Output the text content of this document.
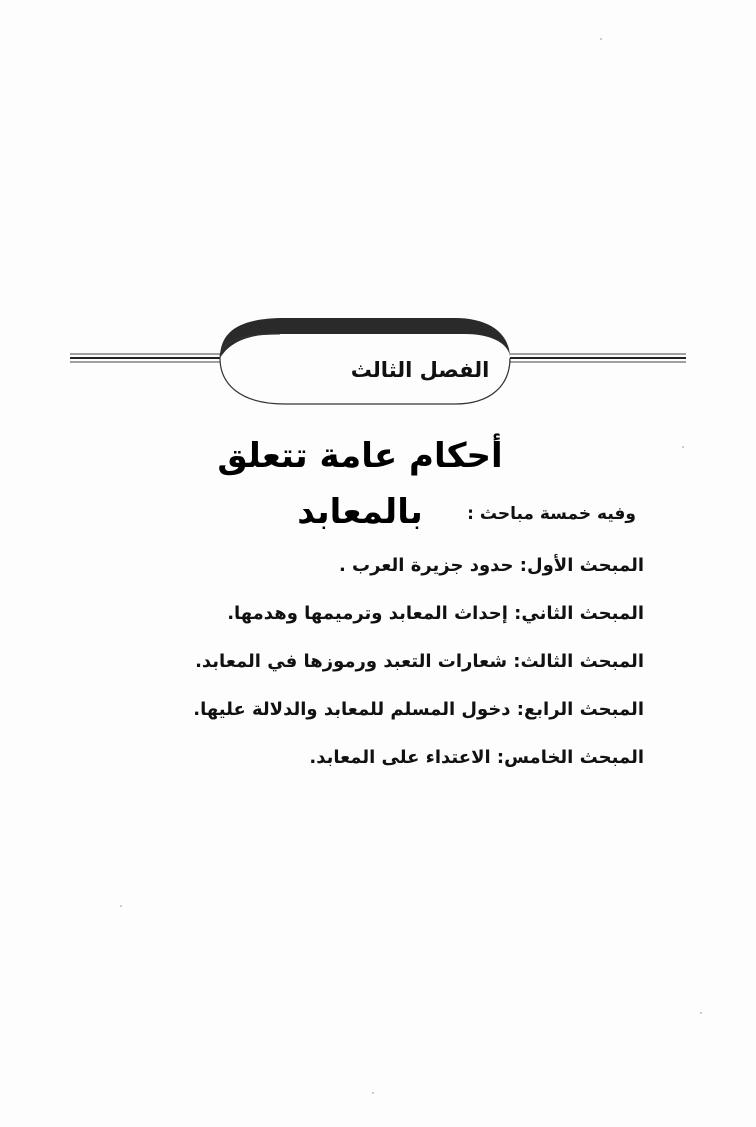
الفصل الثالث
أحكام عامة تتعلق بالمعابد	وفيه خمسة مباحث :
المبحث الأول: حدود جزيرة العرب .
المبحث الثاني: إحداث المعابد وترميمها وهدمها.
المبحث الثالث: شعارات التعبد ورموزها في المعابد.
المبحث الرابع: دخول المسلم للمعابد والدلالة عليها.
المبحث الخامس: الاعتداء على المعابد.
